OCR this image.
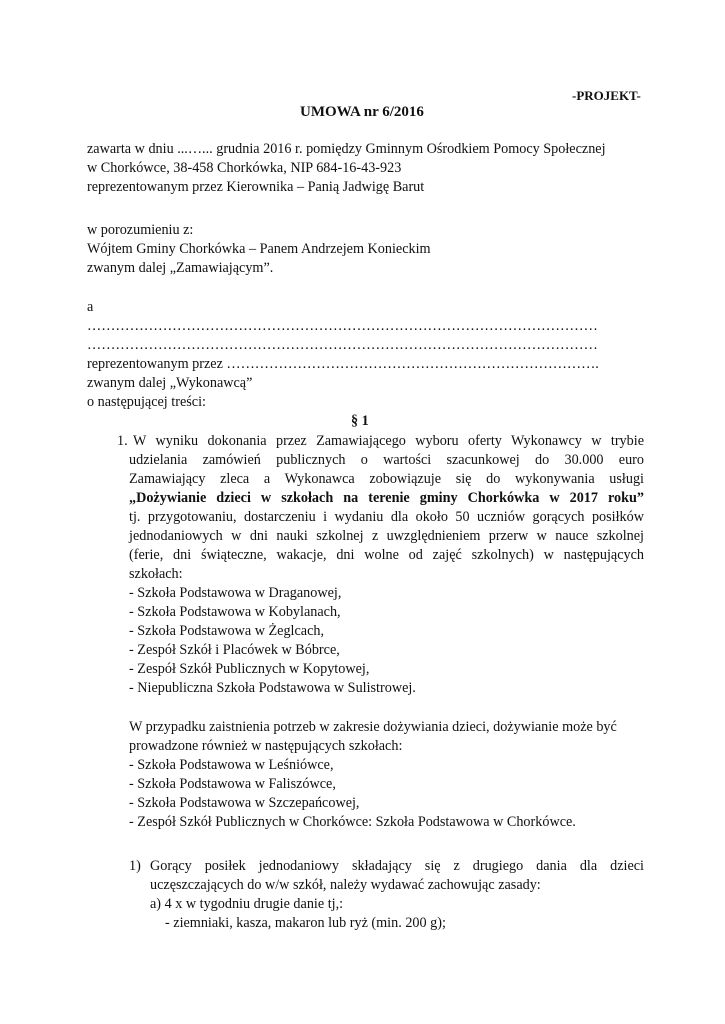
-PROJEKT-
UMOWA nr 6/2016
zawarta w dniu ...…... grudnia 2016 r. pomiędzy Gminnym Ośrodkiem Pomocy Społecznej
w Chorkówce, 38-458 Chorkówka, NIP 684-16-43-923
reprezentowanym przez Kierownika – Panią Jadwigę Barut
w porozumieniu z:
Wójtem Gminy Chorkówka – Panem Andrzejem Konieckim
zwanym dalej „Zamawiającym”.
a
………………………………………………………………………………………………
………………………………………………………………………………………………
reprezentowanym przez …………………………………………………………………….
zwanym dalej „Wykonawcą”
o następującej treści:
§ 1
1. W wyniku dokonania przez Zamawiającego wyboru oferty Wykonawcy w trybie
udzielania zamówień publicznych o wartości szacunkowej do 30.000 euro
Zamawiający zleca a Wykonawca zobowiązuje się do wykonywania usługi
„Dożywianie dzieci w szkołach na terenie gminy Chorkówka w 2017 roku”
tj. przygotowaniu, dostarczeniu i wydaniu dla około 50 uczniów gorących posiłków
jednodaniowych w dni nauki szkolnej z uwzględnieniem przerw w nauce szkolnej
(ferie, dni świąteczne, wakacje, dni wolne od zajęć szkolnych) w następujących
szkołach:
- Szkoła Podstawowa w Draganowej,
- Szkoła Podstawowa w Kobylanach,
- Szkoła Podstawowa w Żeglcach,
- Zespół Szkół i Placówek w Bóbrce,
- Zespół Szkół Publicznych w Kopytowej,
- Niepubliczna Szkoła Podstawowa w Sulistrowej.
W przypadku zaistnienia potrzeb w zakresie dożywiania dzieci, dożywianie może być
prowadzone również w następujących szkołach:
- Szkoła Podstawowa w Leśniówce,
- Szkoła Podstawowa w Faliszówce,
- Szkoła Podstawowa w Szczepańcowej,
- Zespół Szkół Publicznych w Chorkówce: Szkoła Podstawowa w Chorkówce.
1) Gorący posiłek jednodaniowy składający się z drugiego dania dla dzieci
uczęszczających do w/w szkół, należy wydawać zachowując zasady:
a) 4 x w tygodniu drugie danie tj,:
- ziemniaki, kasza, makaron lub ryż (min. 200 g);
